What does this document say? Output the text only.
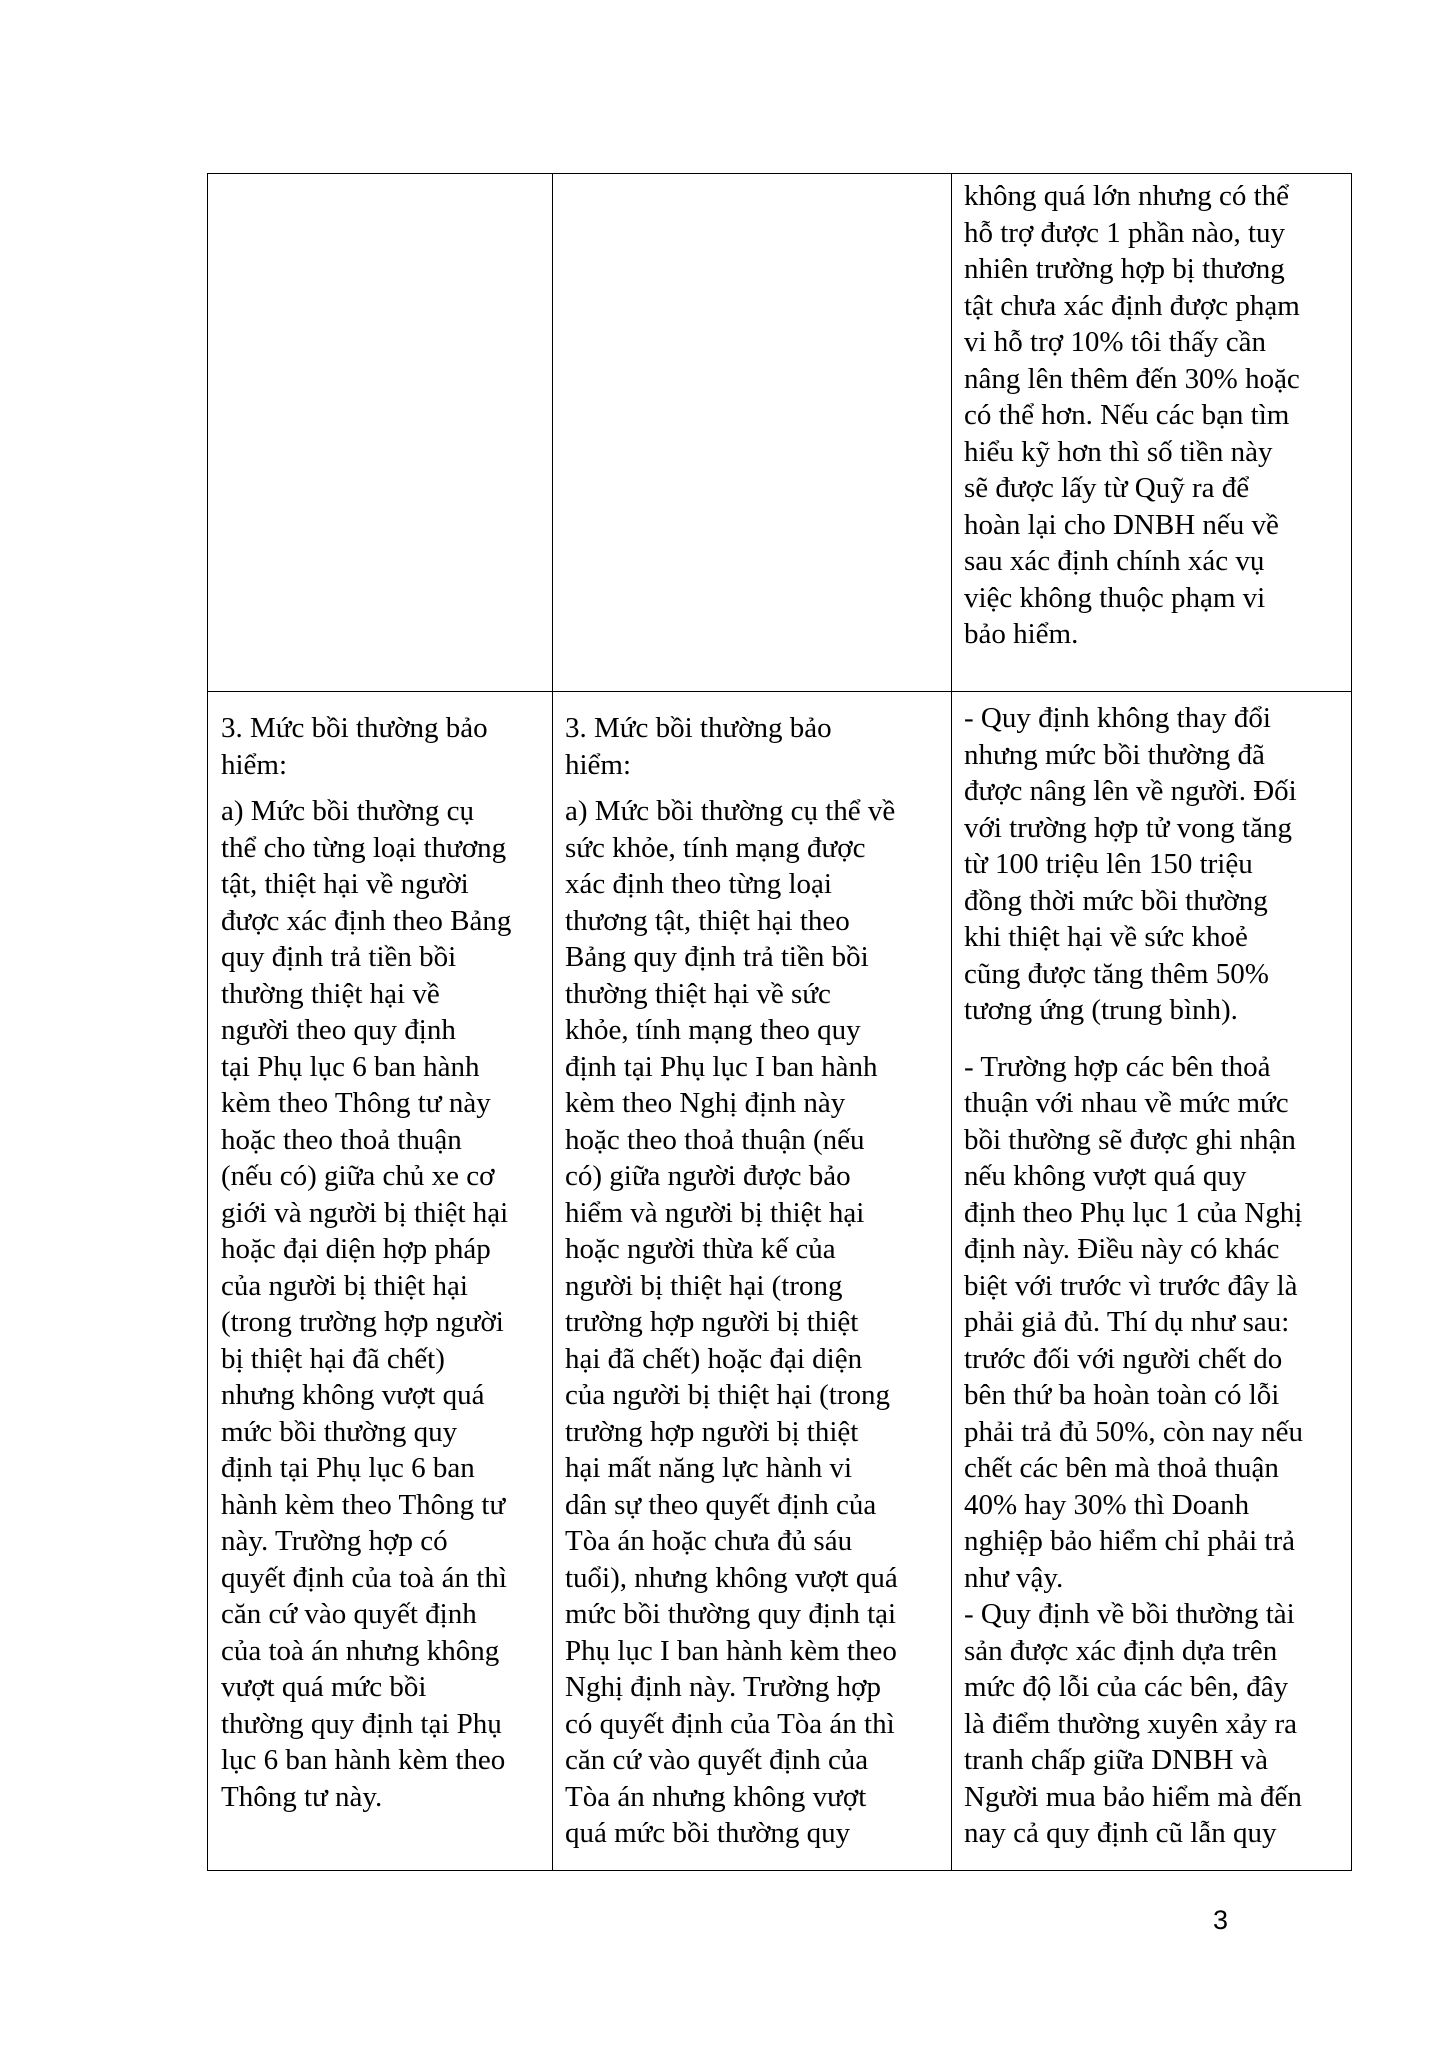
không quá lớn nhưng có thể
hỗ trợ được 1 phần nào, tuy
nhiên trường hợp bị thương
tật chưa xác định được phạm
vi hỗ trợ 10% tôi thấy cần
nâng lên thêm đến 30% hoặc
có thể hơn. Nếu các bạn tìm
hiểu kỹ hơn thì số tiền này
sẽ được lấy từ Quỹ ra để
hoàn lại cho DNBH nếu về
sau xác định chính xác vụ
việc không thuộc phạm vi
bảo hiểm.
3. Mức bồi thường bảo
hiểm:
a) Mức bồi thường cụ
thể cho từng loại thương
tật, thiệt hại về người
được xác định theo Bảng
quy định trả tiền bồi
thường thiệt hại về
người theo quy định
tại Phụ lục 6 ban hành
kèm theo Thông tư này
hoặc theo thoả thuận
(nếu có) giữa chủ xe cơ
giới và người bị thiệt hại
hoặc đại diện hợp pháp
của người bị thiệt hại
(trong trường hợp người
bị thiệt hại đã chết)
nhưng không vượt quá
mức bồi thường quy
định tại Phụ lục 6 ban
hành kèm theo Thông tư
này. Trường hợp có
quyết định của toà án thì
căn cứ vào quyết định
của toà án nhưng không
vượt quá mức bồi
thường quy định tại Phụ
lục 6 ban hành kèm theo
Thông tư này.
3. Mức bồi thường bảo
hiểm:
a) Mức bồi thường cụ thể về
sức khỏe, tính mạng được
xác định theo từng loại
thương tật, thiệt hại theo
Bảng quy định trả tiền bồi
thường thiệt hại về sức
khỏe, tính mạng theo quy
định tại Phụ lục I ban hành
kèm theo Nghị định này
hoặc theo thoả thuận (nếu
có) giữa người được bảo
hiểm và người bị thiệt hại
hoặc người thừa kế của
người bị thiệt hại (trong
trường hợp người bị thiệt
hại đã chết) hoặc đại diện
của người bị thiệt hại (trong
trường hợp người bị thiệt
hại mất năng lực hành vi
dân sự theo quyết định của
Tòa án hoặc chưa đủ sáu
tuổi), nhưng không vượt quá
mức bồi thường quy định tại
Phụ lục I ban hành kèm theo
Nghị định này. Trường hợp
có quyết định của Tòa án thì
căn cứ vào quyết định của
Tòa án nhưng không vượt
quá mức bồi thường quy
- Quy định không thay đổi
nhưng mức bồi thường đã
được nâng lên về người. Đối
với trường hợp tử vong tăng
từ 100 triệu lên 150 triệu
đồng thời mức bồi thường
khi thiệt hại về sức khoẻ
cũng được tăng thêm 50%
tương ứng (trung bình).
- Trường hợp các bên thoả
thuận với nhau về mức mức
bồi thường sẽ được ghi nhận
nếu không vượt quá quy
định theo Phụ lục 1 của Nghị
định này. Điều này có khác
biệt với trước vì trước đây là
phải giả đủ. Thí dụ như sau:
trước đối với người chết do
bên thứ ba hoàn toàn có lỗi
phải trả đủ 50%, còn nay nếu
chết các bên mà thoả thuận
40% hay 30% thì Doanh
nghiệp bảo hiểm chỉ phải trả
như vậy.
- Quy định về bồi thường tài
sản được xác định dựa trên
mức độ lỗi của các bên, đây
là điểm thường xuyên xảy ra
tranh chấp giữa DNBH và
Người mua bảo hiểm mà đến
nay cả quy định cũ lẫn quy
3
